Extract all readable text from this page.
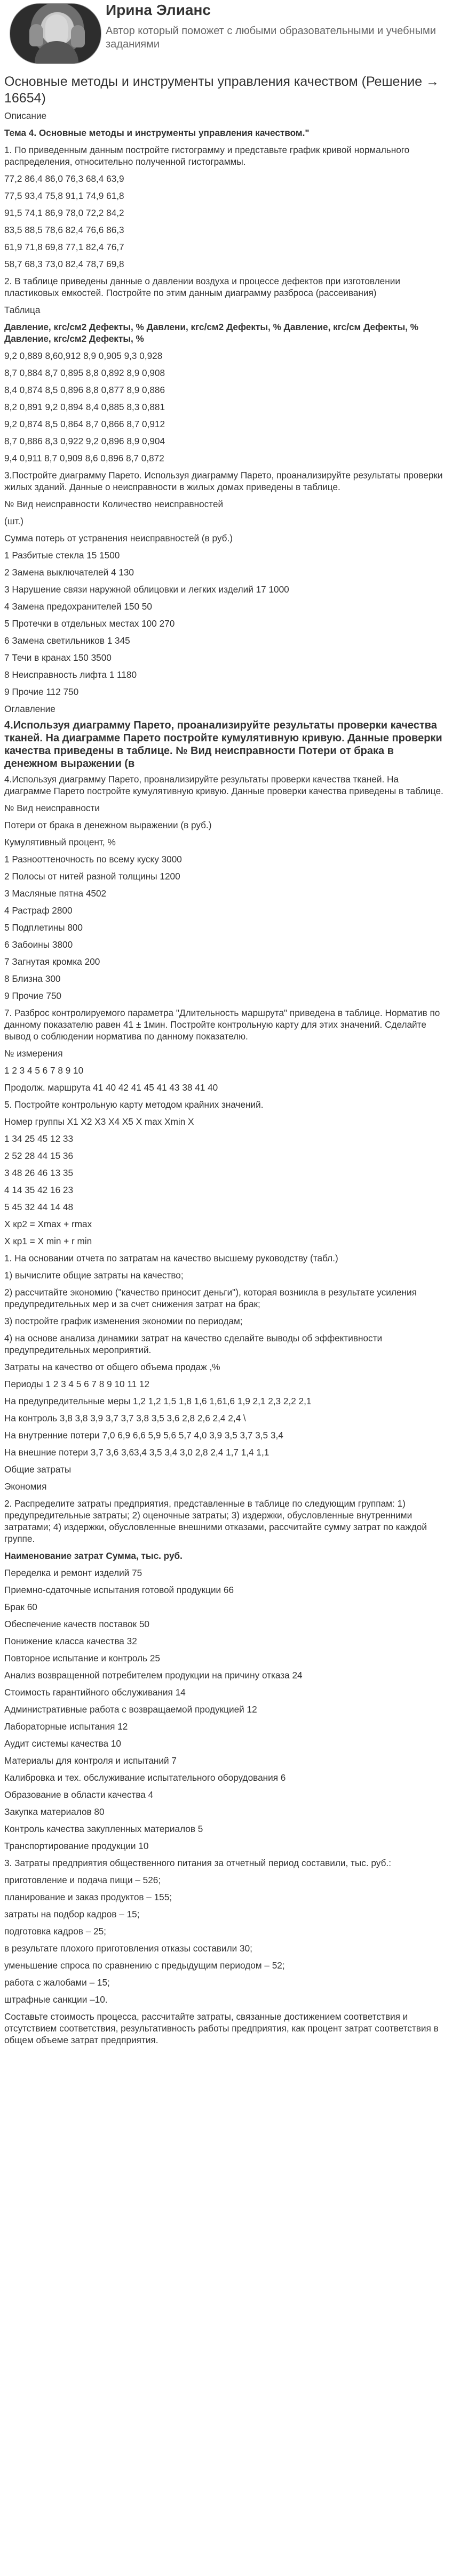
Ирина Элианс
Автор который поможет с любыми образовательными и учебными заданиями
Основные методы и инструменты управления качеством (Решение → 16654)
Описание
Тема 4. Основные методы и инструменты управления качеством."
1. По приведенным данным постройте гистограмму и представьте график кривой нормального распределения, относительно полученной гистограммы.
77,2 86,4 86,0 76,3 68,4 63,9
77,5 93,4 75,8 91,1 74,9 61,8
91,5 74,1 86,9 78,0 72,2 84,2
83,5 88,5 78,6 82,4 76,6 86,3
61,9 71,8 69,8 77,1 82,4 76,7
58,7 68,3 73,0 82,4 78,7 69,8
2. В таблице приведены данные о давлении воздуха и процессе дефектов при изготовлении пластиковых емкостей. Постройте по этим данным диаграмму разброса (рассеивания)
Таблица
Давление, кгс/см2 Дефекты, % Давлени, кгс/см2 Дефекты, % Давление, кгс/см Дефекты, % Давление, кгс/см2 Дефекты, %
9,2 0,889 8,60,912 8,9 0,905 9,3 0,928
8,7 0,884 8,7 0,895 8,8 0,892 8,9 0,908
8,4 0,874 8,5 0,896 8,8 0,877 8,9 0,886
8,2 0,891 9,2 0,894 8,4 0,885 8,3 0,881
9,2 0,874 8,5 0,864 8,7 0,866 8,7 0,912
8,7 0,886 8,3 0,922 9,2 0,896 8,9 0,904
9,4 0,911 8,7 0,909 8,6 0,896 8,7 0,872
3.Постройте диаграмму Парето. Используя диаграмму Парето, проанализируйте результаты проверки жилых зданий. Данные о неисправности в жилых домах приведены в таблице.
№ Вид неисправности Количество неисправностей
(шт.)
Сумма потерь от устранения неисправностей (в руб.)
1 Разбитые стекла 15 1500
2 Замена выключателей 4 130
3 Нарушение связи наружной облицовки и легких изделий 17 1000
4 Замена предохранителей 150 50
5 Протечки в отдельных местах 100 270
6 Замена светильников 1 345
7 Течи в кранах 150 3500
8 Неисправность лифта 1 1180
9 Прочие 112 750
Оглавление
4.Используя диаграмму Парето, проанализируйте результаты проверки качества тканей. На диаграмме Парето постройте кумулятивную кривую. Данные проверки качества приведены в таблице. № Вид неисправности Потери от брака в денежном выражении (в
4.Используя диаграмму Парето, проанализируйте результаты проверки качества тканей. На диаграмме Парето постройте кумулятивную кривую. Данные проверки качества приведены в таблице.
№ Вид неисправности
Потери от брака в денежном выражении (в руб.)
Кумулятивный процент, %
1 Разнооттеночность по всему куску 3000
2 Полосы от нитей разной толщины 1200
3 Масляные пятна 4502
4 Растраф 2800
5 Подплетины 800
6 Забоины 3800
7 Загнутая кромка 200
8 Близна 300
9 Прочие 750
7. Разброс контролируемого параметра "Длительность маршрута" приведена в таблице. Норматив по данному показателю равен 41 ± 1мин. Постройте контрольную карту для этих значений. Сделайте вывод о соблюдении норматива по данному показателю.
№ измерения
1 2 3 4 5 6 7 8 9 10
Продолж. маршрута 41 40 42 41 45 41 43 38 41 40
5. Постройте контрольную карту методом крайних значений.
Номер группы X1 X2 X3 X4 X5 X max Xmin X
1 34 25 45 12 33
2 52 28 44 15 36
3 48 26 46 13 35
4 14 35 42 16 23
5 45 32 44 14 48
X кр2 = Xmax + rmax
X кр1 = X min + r min
1. На основании отчета по затратам на качество высшему руководству (табл.)
1) вычислите общие затраты на качество;
2) рассчитайте экономию ("качество приносит деньги"), которая возникла в результате усиления предупредительных мер и за счет снижения затрат на брак;
3) постройте график изменения экономии по периодам;
4) на основе анализа динамики затрат на качество сделайте выводы об эффективности предупредительных мероприятий.
Затраты на качество от общего объема продаж ,%
Периоды 1 2 3 4 5 6 7 8 9 10 11 12
На предупредительные меры 1,2 1,2 1,5 1,8 1,6 1,61,6 1,9 2,1 2,3 2,2 2,1
На контроль 3,8 3,8 3,9 3,7 3,7 3,8 3,5 3,6 2,8 2,6 2,4 2,4 \
На внутренние потери 7,0 6,9 6,6 5,9 5,6 5,7 4,0 3,9 3,5 3,7 3,5 3,4
На внешние потери 3,7 3,6 3,63,4 3,5 3,4 3,0 2,8 2,4 1,7 1,4 1,1
Общие затраты
Экономия
2. Распределите затраты предприятия, представленные в таблице по следующим группам: 1) предупредительные затраты; 2) оценочные затраты; 3) издержки, обусловленные внутренними затратами; 4) издержки, обусловленные внешними отказами, рассчитайте сумму затрат по каждой группе.
Наименование затрат Сумма, тыс. руб.
Переделка и ремонт изделий 75
Приемно-сдаточные испытания готовой продукции 66
Брак 60
Обеспечение качеств поставок 50
Понижение класса качества 32
Повторное испытание и контроль 25
Анализ возвращенной потребителем продукции на причину отказа 24
Стоимость гарантийного обслуживания 14
Административные работа с возвращаемой продукцией 12
Лабораторные испытания 12
Аудит системы качества 10
Материалы для контроля и испытаний 7
Калибровка и тех. обслуживание испытательного оборудования 6
Образование в области качества 4
Закупка материалов 80
Контроль качества закупленных материалов 5
Транспортирование продукции 10
3. Затраты предприятия общественного питания за отчетный период составили, тыс. руб.:
приготовление и подача пищи – 526;
планирование и заказ продуктов – 155;
затраты на подбор кадров – 15;
подготовка кадров – 25;
в результате плохого приготовления отказы составили 30;
уменьшение спроса по сравнению с предыдущим периодом – 52;
работа с жалобами – 15;
штрафные санкции –10.
Составьте стоимость процесса, рассчитайте затраты, связанные достижением соответствия и отсутствием соответствия, результативность работы предприятия, как процент затрат соответствия в общем объеме затрат предприятия.
